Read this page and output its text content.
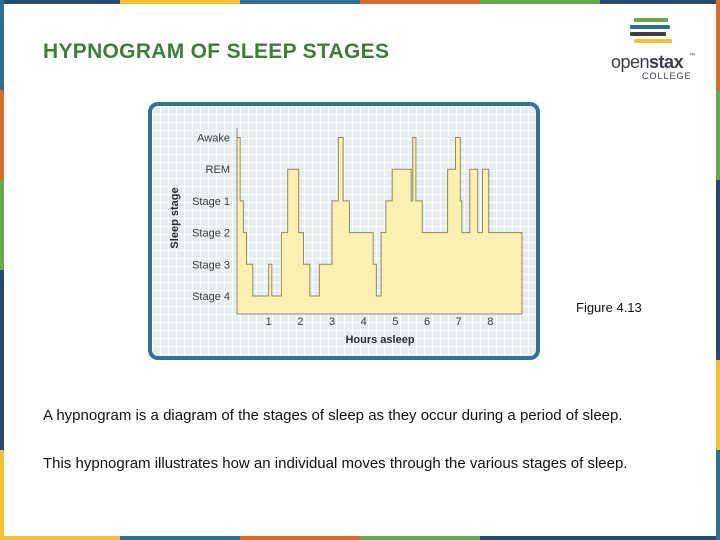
HYPNOGRAM OF SLEEP STAGES	openstax ™
COLLEGE
Awake
REM
Stage 1
Stage 2
Stage 3
Stage 4
1 2 3 4 5 6 7 8
Hours asleep
Sleep stage
Figure 4.13

A hypnogram is a diagram of the stages of sleep as they occur during a period of sleep.

This hypnogram illustrates how an individual moves through the various stages of sleep.
